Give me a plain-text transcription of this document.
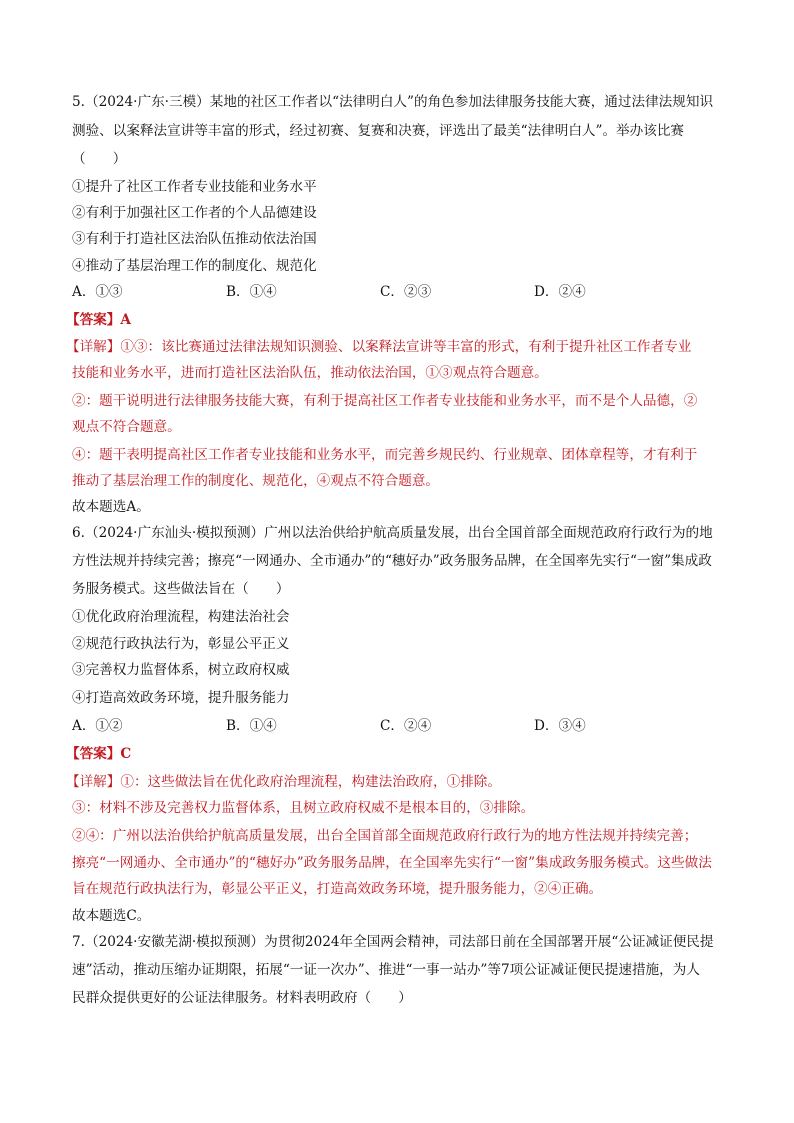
5.（2024·广东·三模）某地的社区工作者以“法律明白人”的角色参加法律服务技能大赛，通过法律法规知识
测验、以案释法宣讲等丰富的形式，经过初赛、复赛和决赛，评选出了最美“法律明白人”。举办该比赛
（　　）
①提升了社区工作者专业技能和业务水平
②有利于加强社区工作者的个人品德建设
③有利于打造社区法治队伍推动依法治国
④推动了基层治理工作的制度化、规范化
A．①③	B．①④	C．②③	D．②④
【答案】A
【详解】①③：该比赛通过法律法规知识测验、以案释法宣讲等丰富的形式，有利于提升社区工作者专业
技能和业务水平，进而打造社区法治队伍，推动依法治国，①③观点符合题意。
②：题干说明进行法律服务技能大赛，有利于提高社区工作者专业技能和业务水平，而不是个人品德，②
观点不符合题意。
④：题干表明提高社区工作者专业技能和业务水平，而完善乡规民约、行业规章、团体章程等，才有利于
推动了基层治理工作的制度化、规范化，④观点不符合题意。
故本题选A。
6.（2024·广东汕头·模拟预测）广州以法治供给护航高质量发展，出台全国首部全面规范政府行政行为的地
方性法规并持续完善；擦亮“一网通办、全市通办”的“穗好办”政务服务品牌，在全国率先实行“一窗”集成政
务服务模式。这些做法旨在（　　）
①优化政府治理流程，构建法治社会
②规范行政执法行为，彰显公平正义
③完善权力监督体系，树立政府权威
④打造高效政务环境，提升服务能力
A．①②	B．①④	C．②④	D．③④
【答案】C
【详解】①：这些做法旨在优化政府治理流程，构建法治政府，①排除。
③：材料不涉及完善权力监督体系，且树立政府权威不是根本目的，③排除。
②④：广州以法治供给护航高质量发展，出台全国首部全面规范政府行政行为的地方性法规并持续完善；
擦亮“一网通办、全市通办”的“穗好办”政务服务品牌，在全国率先实行“一窗”集成政务服务模式。这些做法
旨在规范行政执法行为，彰显公平正义，打造高效政务环境，提升服务能力，②④正确。
故本题选C。
7.（2024·安徽芜湖·模拟预测）为贯彻2024年全国两会精神，司法部日前在全国部署开展“公证减证便民提
速”活动，推动压缩办证期限，拓展“一证一次办”、推进“一事一站办”等7项公证减证便民提速措施，为人
民群众提供更好的公证法律服务。材料表明政府（　　）
